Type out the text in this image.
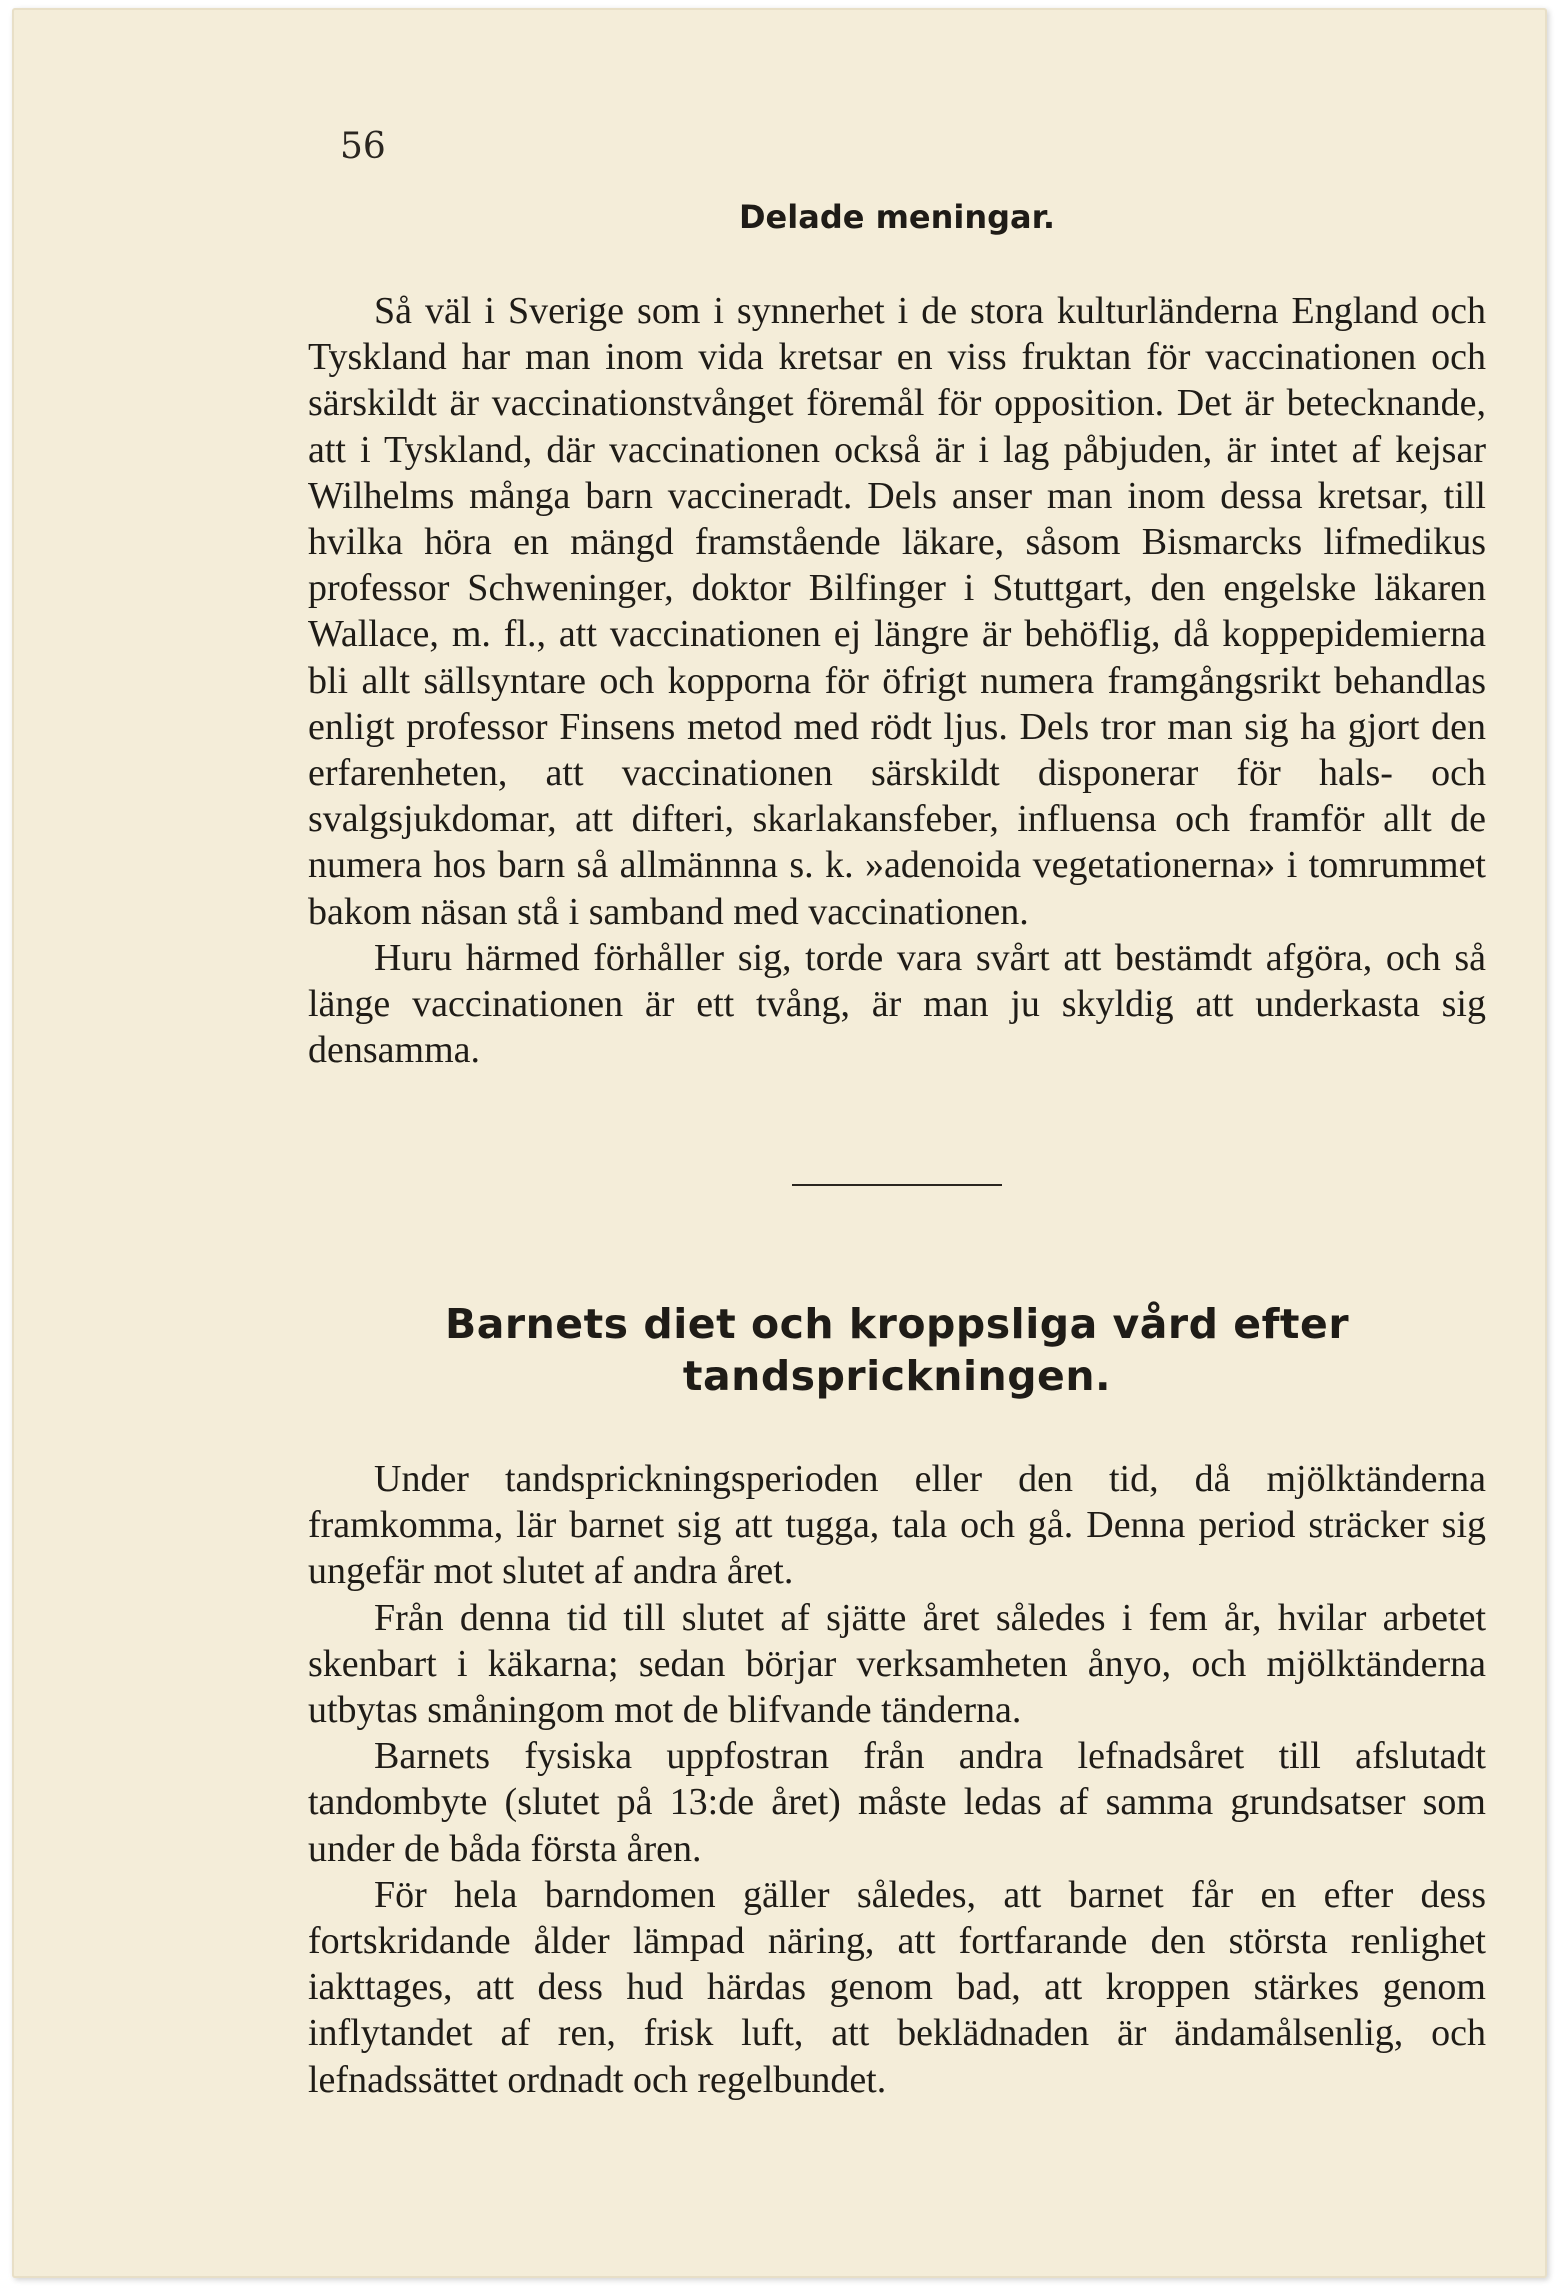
56
Delade meningar.

Så väl i Sverige som i synnerhet i de stora kulturländerna England och Tyskland har man inom vida kretsar en viss fruktan för vaccinationen och särskildt är vaccinationstvånget föremål för opposition. Det är betecknande, att i Tyskland, där vaccinationen också är i lag påbjuden, är intet af kejsar Wilhelms många barn vaccineradt. Dels anser man inom dessa kretsar, till hvilka höra en mängd framstående läkare, såsom Bismarcks lifmedikus professor Schweninger, doktor Bilfinger i Stuttgart, den engelske läkaren Wallace, m. fl., att vaccinationen ej längre är behöflig, då koppepidemierna bli allt sällsyntare och kopporna för öfrigt numera framgångsrikt behandlas enligt professor Finsens metod med rödt ljus. Dels tror man sig ha gjort den erfarenheten, att vaccinationen särskildt disponerar för hals- och svalgsjukdomar, att difteri, skarlakansfeber, influensa och framför allt de numera hos barn så allmännna s. k. »adenoida vegetationerna» i tomrummet bakom näsan stå i samband med vaccinationen.

Huru härmed förhåller sig, torde vara svårt att bestämdt afgöra, och så länge vaccinationen är ett tvång, är man ju skyldig att underkasta sig densamma.

Barnets diet och kroppsliga vård efter
tandsprickningen.

Under tandsprickningsperioden eller den tid, då mjölktänderna framkomma, lär barnet sig att tugga, tala och gå. Denna period sträcker sig ungefär mot slutet af andra året.

Från denna tid till slutet af sjätte året således i fem år, hvilar arbetet skenbart i käkarna; sedan börjar verksamheten ånyo, och mjölktänderna utbytas småningom mot de blifvande tänderna.

Barnets fysiska uppfostran från andra lefnadsåret till afslutadt tandombyte (slutet på 13:de året) måste ledas af samma grundsatser som under de båda första åren.

För hela barndomen gäller således, att barnet får en efter dess fortskridande ålder lämpad näring, att fortfarande den största renlighet iakttages, att dess hud härdas genom bad, att kroppen stärkes genom inflytandet af ren, frisk luft, att beklädnaden är ändamålsenlig, och lefnadssättet ordnadt och regelbundet.
